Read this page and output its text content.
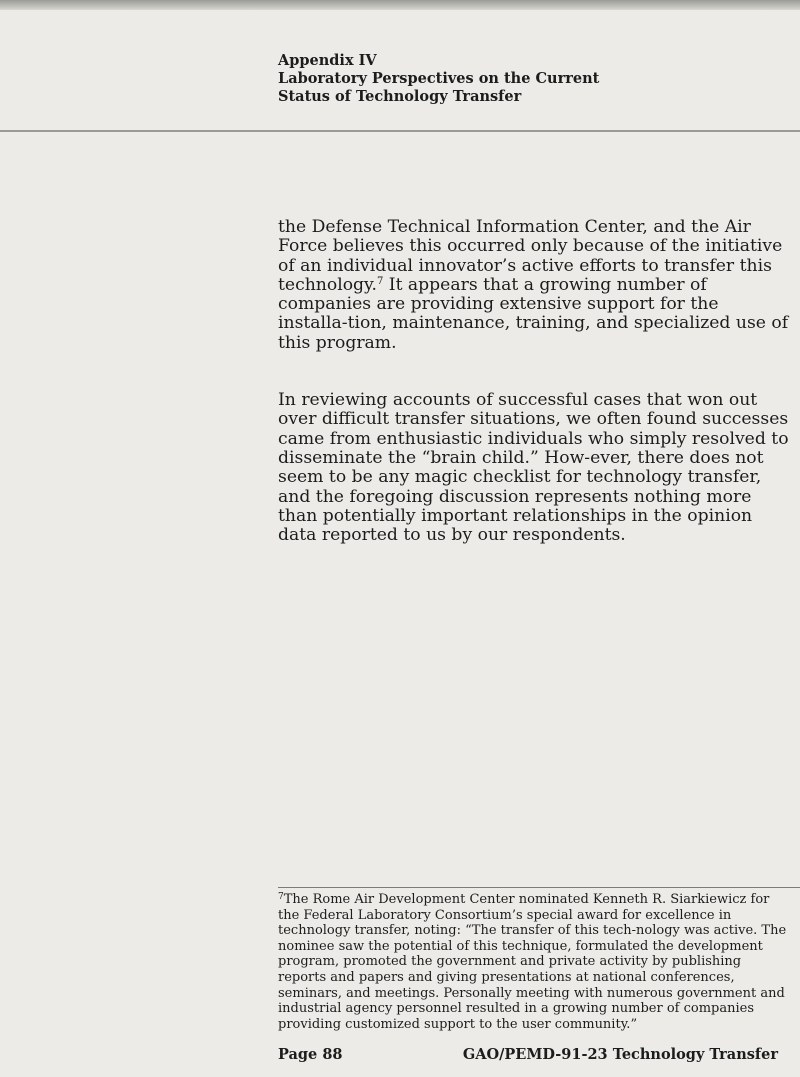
Appendix IV
Laboratory Perspectives on the Current
Status of Technology Transfer

the Defense Technical Information Center, and the Air Force believes this occurred only because of the initiative of an individual innovator’s active efforts to transfer this technology.$^7$ It appears that a growing number of companies are providing extensive support for the installa-tion, maintenance, training, and specialized use of this program.

In reviewing accounts of successful cases that won out over difficult transfer situations, we often found successes came from enthusiastic individuals who simply resolved to disseminate the “brain child.” How-ever, there does not seem to be any magic checklist for technology transfer, and the foregoing discussion represents nothing more than potentially important relationships in the opinion data reported to us by our respondents.

$^7$The Rome Air Development Center nominated Kenneth R. Siarkiewicz for the Federal Laboratory Consortium’s special award for excellence in technology transfer, noting: “The transfer of this tech-nology was active. The nominee saw the potential of this technique, formulated the development program, promoted the government and private activity by publishing reports and papers and giving presentations at national conferences, seminars, and meetings. Personally meeting with numerous government and industrial agency personnel resulted in a growing number of companies providing customized support to the user community.”
Page 88	GAO/PEMD-91-23 Technology Transfer
